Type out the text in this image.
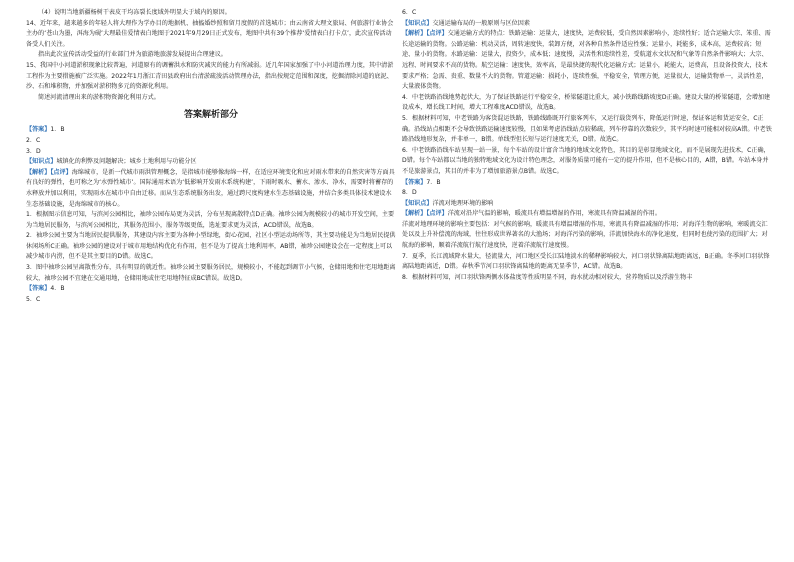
（4）说明当地新疆杨树干表皮干均冻裂长度域外明显大于域内的原因。

14、近年来，越来越多的年轻人将大理作为学办目的地据机、抽搐婚纱照和留月度假的首选城市；由云南省大理文旅局、何旅游行业协会主办的‘苍山为墨，洱海为砚’大理最佳爱情表白地图于2021年9月29日正式发布，地图中共有39个推荐‘爱情表白打卡点’，此次宣传活动备受人们关注。

指出此次宣传活动受益的行业部门并为旅游地旅游发展提出合理建议。

15、我国中小河道淤积现象比较普遍，河道原有的调蓄洪水和防灾减灾的能力有所减弱。近几年国家加强了中小河道治理力度，其中清淤工程作为主要措施被广泛实施。2022年1月浙江青田县政府出台清淤疏浚活动管理办法，指出按规定范围和深度，挖掘清除河道的底泥、沙、石和堆积物，并加强对淤积物多元的资源化利用。

简述河流清理出来的淤积物资源化利用方式。

答案解析部分

【答案】1．B

2．C

3．D

【知识点】城镇化的利弊及问题解决；城乡土地利用与功能分区

【解析】【点评】海绵城市，是新一代城市雨洪管理概念，是指城市能够像海绵一样，在适应环境变化和应对雨水带来的自然灾害等方面具有良好的弹性，也可称之为‘水弹性城市’。国际通用术语为‘低影响开发雨水系统构建’，下雨时吸水、蓄水、渗水、净水，需要时将蓄存的水释放并加以利用，实现雨水在城市中自由迁移。而从生态系统服务出发，通过跨尺度构建水生态基础设施，并结合多类具体技术建设水生态基础设施，是海绵城市的核心。

1．根据图示信息可知，与滨河公园相比，袖珍公园布局更为灵活，分布呈现离散特点D正确。袖珍公园为规模较小的城市开发空间，主要为当地居民服务，与滨河公园相比，其服务范围小，服务等级更低，选址要求更为灵活，ACD错误，故选B。

2．袖珍公园主要为当地居民提供服务，其建设内容主要为各种小型绿地，街心花园，社区小型运动场所等，其主要功能是为当地居民提供休闲场所C正确。袖珍公园的建设对于城市用地结构优化有作用，但不是为了提高土地利用率，AB错，袖珍公园建设会在一定程度上可以减少城市内涝，但不是其主要目的D错。故选C。

3．图中袖珍公园呈离散性分布，具有明显的就近性。袖珍公园主要服务居民，规模较小，不能起到调节小气候，仓储用地和住宅用地距离较大，袖珍公园不宜建在交通用地，仓储用地或住宅用地特征成BC错误。故选D。

【答案】4．B

5．C

6．C

【知识点】交通运输布局的一般原则与区位因素

【解析】【点评】交通运输方式的特点：铁路运输：运量大，速度快，运费较低，受自然因素影响小，连续性好；适合运输大宗、笨重、需长途运输的货物。公路运输：机动灵活，周转速度快，装卸方便，对各种自然条件适应性强；运量小，耗能多，成本高，运费较高；短途、量小的货物。水路运输：运量大，投资少，成本低；速度慢，灵活性和连续性差，受航道水文状况和气象等自然条件影响大；大宗、远程、时间要求不高的货物。航空运输：速度快，效率高，是最快捷的现代化运输方式；运量小，耗能大，运费高，且设备投资大，技术要求严格；急需、贵重、数量不大的货物。管道运输：损耗小，连续性强，平稳安全，管理方便，运量很大，运输货物单一，灵活性差，大量液体货物。

4．中老铁路沿线地势起伏大，为了保证铁路运行平稳安全，桥梁隧道比重大，减小铁路线路坡度D正确。建设大量的桥梁隧道，会增加建设成本，增长线工时间，增大工程难度ACD错误，故选B。

5．根据材料可知，中老铁路为客货混运铁路，铁路线路既开行旅客列车，又运行载货列车，降低运行时速，保证客运和货运安全，C正确。沿线站点相距不会导致铁路运输速度较慢，且如果考虑沿线站点较稀疏，列车停靠的次数较少，其平均时速可能相对较高A错。中老铁路沿线地形复杂，并非单一，B错。单线型但长短与运行速度无关，D错。故选C。

6．中老铁路沿线车站呈现一站一景，每个车站的设计富含当地的地域文化特色，其目的是彰显地域文化，而不是展现先进技术，C正确，D错。每个车站都以当地的独特地域文化为设计特色理念，对服务质量可能有一定的提升作用，但不是核心目的，A错，B错。车站本身并不是旅游景点，其目的并非为了增加旅游景点B错。故选C。

【答案】7．B

8．D

【知识点】洋流对地理环境的影响

【解析】【点评】洋流对沿岸气温的影响，暖流具有增温增湿的作用，寒流具有降温减湿的作用。

洋流对地理环境的影响主要包括：对气候的影响，暖流具有增温增湿的作用，寒流具有降温减湿的作用；对海洋生物的影响，寒暖流交汇处以及上升补偿流的海域，往往形成世界著名的大渔场；对海洋污染的影响，洋流加快海水的净化速度，但同时也使污染的范围扩大；对航海的影响，顺着洋流航行航行速度快，逆着洋流航行速度慢。

7．夏季，长江流域降水量大，径流量大，河口地区受长江陆地淡水的稀释影响较大，河口羽状锋离陆地距离远，B正确。冬季河口羽状锋离陆地距离近，D错。春秋季节河口羽状锋离陆地的距离无显季节，AC错。故选B。

8．根据材料可知，河口羽状锋两侧水体盐度等性质明显不同，海水扰动相对较大，营养物质以及浮游生物丰
